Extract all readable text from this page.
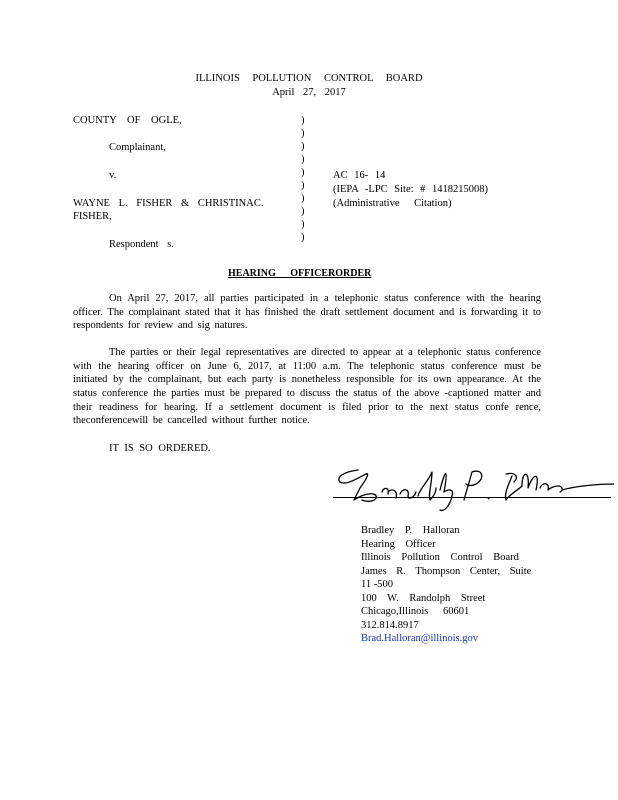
ILLINOIS POLLUTION CONTROL BOARD
April 27, 2017
COUNTY OF OGLE,
Complainant,
v.
WAYNE L. FISHER & CHRISTINAC.
FISHER,
Respondent s.
)
)
)
)
)
)
)
)
)
)
AC 16- 14
(IEPA -LPC Site: # 1418215008)
(Administrative Citation)
HEARING OFFICERORDER

On April 27, 2017, all parties participated in a telephonic status conference with the hearing officer. The complainant stated that it has finished the draft settlement document and is forwarding it to respondents for review and sig natures.

The parties or their legal representatives are directed to appear at a telephonic status conference with the hearing officer on June 6, 2017, at 11:00 a.m. The telephonic status conference must be initiated by the complainant, but each party is nonetheless responsible for its own appearance. At the status conference the parties must be prepared to discuss the status of the above -captioned matter and their readiness for hearing. If a settlement document is filed prior to the next status confe rence, theconferencewill be cancelled without further notice.

IT IS SO ORDERED.
Bradley P. Halloran
Hearing Officer
Illinois Pollution Control Board
James R. Thompson Center, Suite
11 -500
100 W. Randolph Street
Chicago,Illinois 60601
312.814.8917
Brad.Halloran@illinois.gov
